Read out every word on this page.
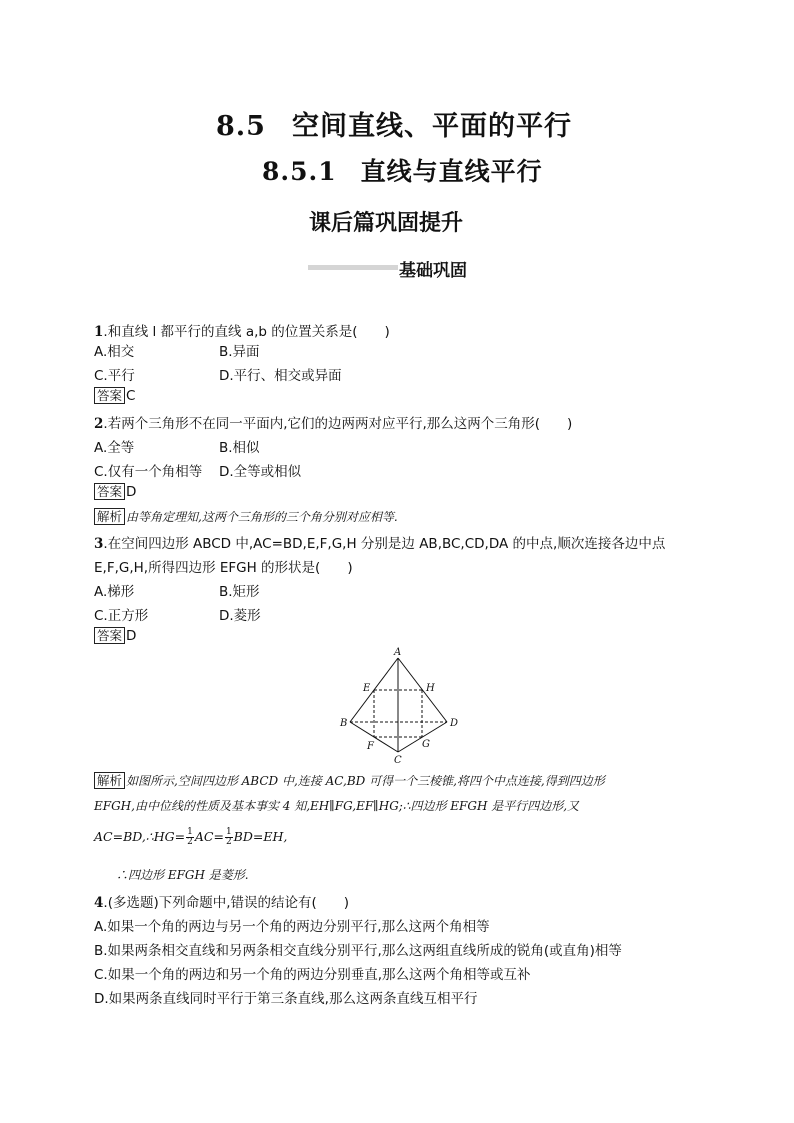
8.5 空间直线、平面的平行
8.5.1 直线与直线平行
课后篇巩固提升
基础巩固
1.和直线 l 都平行的直线 a,b 的位置关系是(　　)
A.相交	B.异面
C.平行	D.平行、相交或异面
答案 C
2.若两个三角形不在同一平面内,它们的边两两对应平行,那么这两个三角形(　　)
A.全等	B.相似
C.仅有一个角相等 D.全等或相似
答案 D
解析 由等角定理知,这两个三角形的三个角分别对应相等.
3.在空间四边形 ABCD 中,AC=BD,E,F,G,H 分别是边 AB,BC,CD,DA 的中点,顺次连接各边中点
E,F,G,H,所得四边形 EFGH 的形状是(　　)
A.梯形	B.矩形
C.正方形	D.菱形
答案 D
A
E	H
B	D
F	G
C
解析 如图所示,空间四边形 ABCD 中,连接 AC,BD 可得一个三棱锥,将四个中点连接,得到四边形
EFGH,由中位线的性质及基本事实 4 知,EH∥FG,EF∥HG;∴四边形 EFGH 是平行四边形,又
AC=BD,∴HG= $\frac{1}{2} AC= \frac{1}{2} BD=EH$,
∴四边形 EFGH 是菱形.
4.(多选题)下列命题中,错误的结论有(　　)
A.如果一个角的两边与另一个角的两边分别平行,那么这两个角相等
B.如果两条相交直线和另两条相交直线分别平行,那么这两组直线所成的锐角(或直角)相等
C.如果一个角的两边和另一个角的两边分别垂直,那么这两个角相等或互补
D.如果两条直线同时平行于第三条直线,那么这两条直线互相平行
